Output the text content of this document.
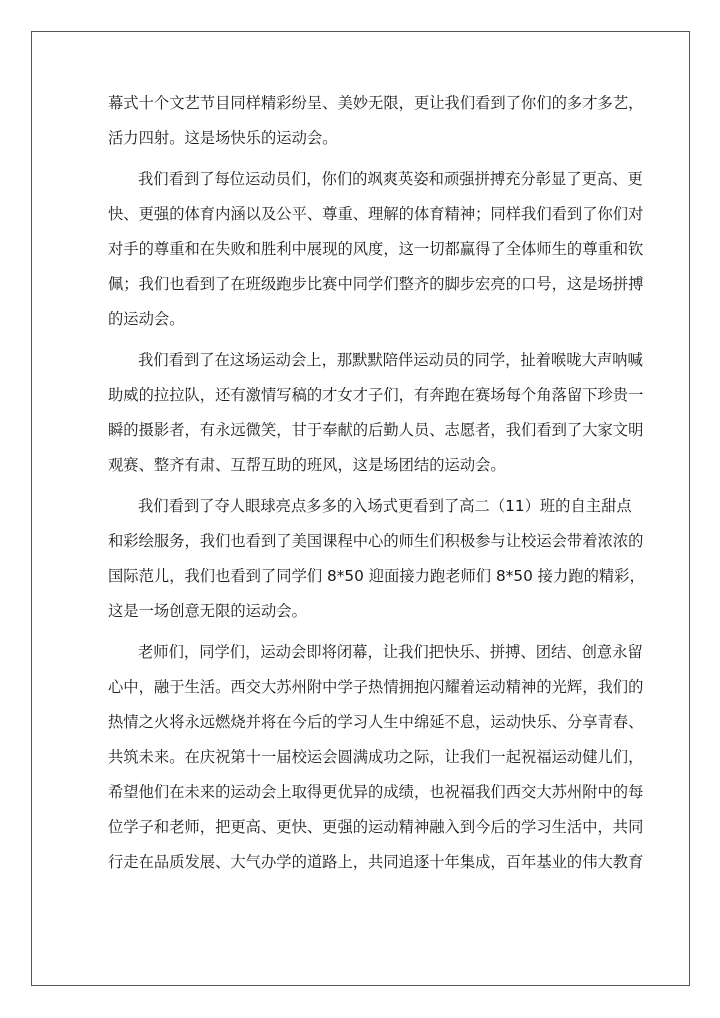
幕式十个文艺节目同样精彩纷呈、美妙无限，更让我们看到了你们的多才多艺，
活力四射。这是场快乐的运动会。
我们看到了每位运动员们，你们的飒爽英姿和顽强拼搏充分彰显了更高、更
快、更强的体育内涵以及公平、尊重、理解的体育精神；同样我们看到了你们对
对手的尊重和在失败和胜利中展现的风度，这一切都赢得了全体师生的尊重和钦
佩；我们也看到了在班级跑步比赛中同学们整齐的脚步宏亮的口号，这是场拼搏
的运动会。
我们看到了在这场运动会上，那默默陪伴运动员的同学，扯着喉咙大声呐喊
助威的拉拉队，还有激情写稿的才女才子们，有奔跑在赛场每个角落留下珍贵一
瞬的摄影者，有永远微笑，甘于奉献的后勤人员、志愿者，我们看到了大家文明
观赛、整齐有肃、互帮互助的班风，这是场团结的运动会。
我们看到了夺人眼球亮点多多的入场式更看到了高二（11）班的自主甜点
和彩绘服务，我们也看到了美国课程中心的师生们积极参与让校运会带着浓浓的
国际范儿，我们也看到了同学们 8*50 迎面接力跑老师们 8*50 接力跑的精彩，
这是一场创意无限的运动会。
老师们，同学们，运动会即将闭幕，让我们把快乐、拼搏、团结、创意永留
心中，融于生活。西交大苏州附中学子热情拥抱闪耀着运动精神的光辉，我们的
热情之火将永远燃烧并将在今后的学习人生中绵延不息，运动快乐、分享青春、
共筑未来。在庆祝第十一届校运会圆满成功之际，让我们一起祝福运动健儿们，
希望他们在未来的运动会上取得更优异的成绩，也祝福我们西交大苏州附中的每
位学子和老师，把更高、更快、更强的运动精神融入到今后的学习生活中，共同
行走在品质发展、大气办学的道路上，共同追逐十年集成，百年基业的伟大教育
